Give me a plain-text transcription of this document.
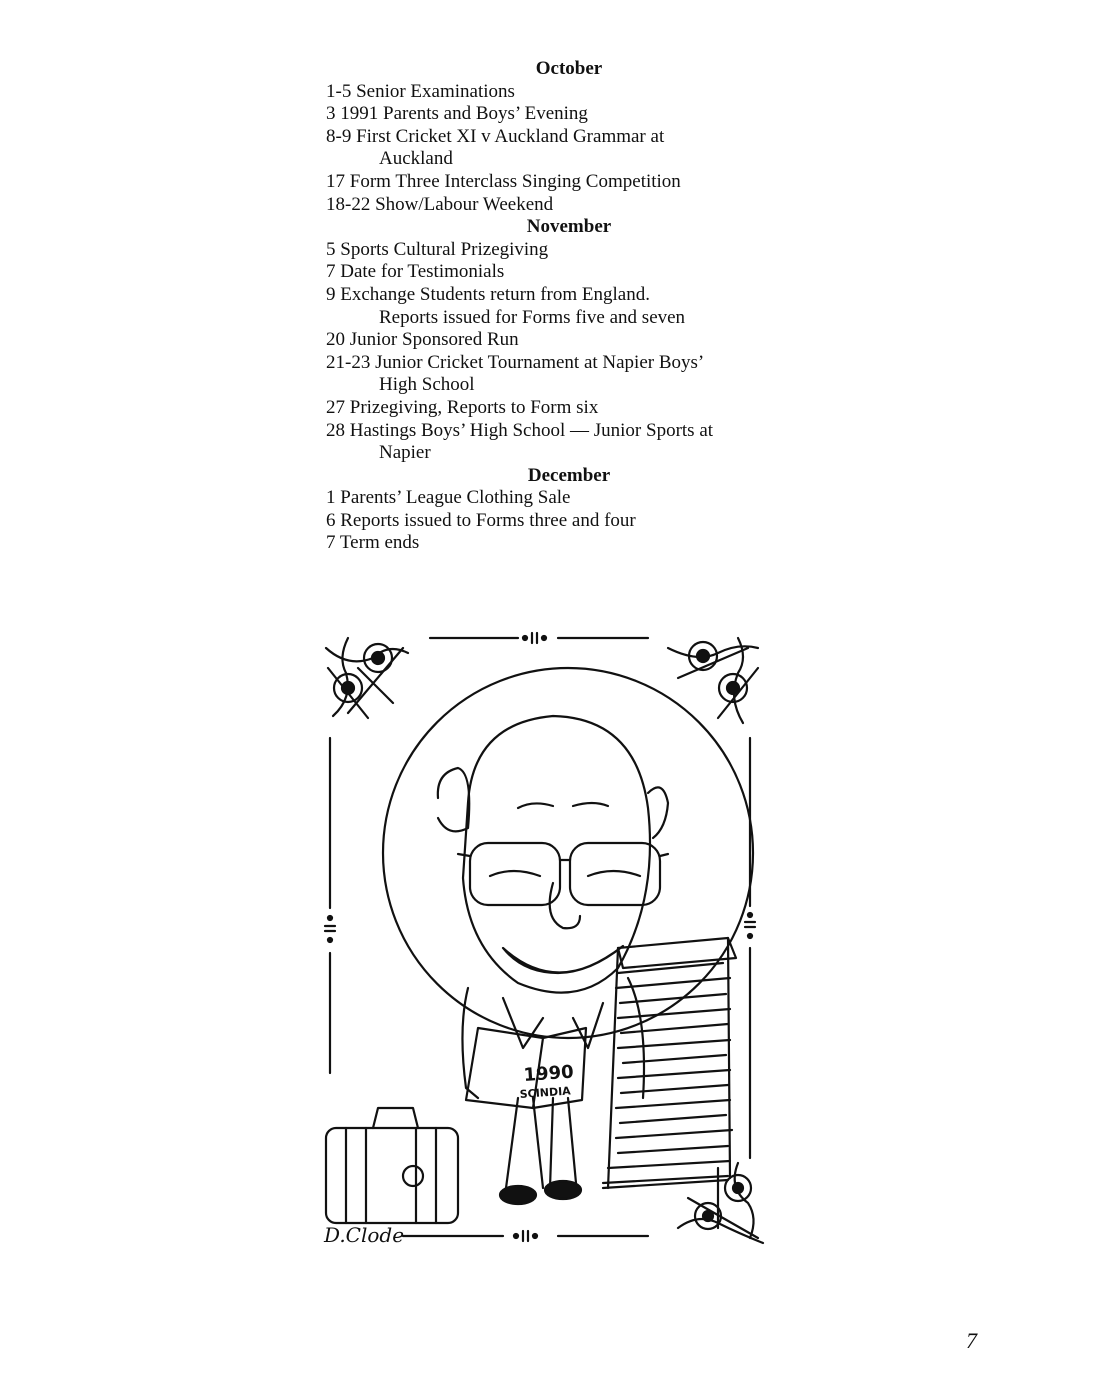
October

1-5 Senior Examinations

3 1991 Parents and Boys’ Evening

8-9 First Cricket XI v Auckland Grammar at

Auckland

17 Form Three Interclass Singing Competition

18-22 Show/Labour Weekend

November

5 Sports Cultural Prizegiving

7 Date for Testimonials

9 Exchange Students return from England.

Reports issued for Forms five and seven

20 Junior Sponsored Run

21-23 Junior Cricket Tournament at Napier Boys’

High School

27 Prizegiving, Reports to Form six

28 Hastings Boys’ High School — Junior Sports at

Napier

December

1 Parents’ League Clothing Sale

6 Reports issued to Forms three and four

7 Term ends

1990
SCINDIA
D.Clode
7
